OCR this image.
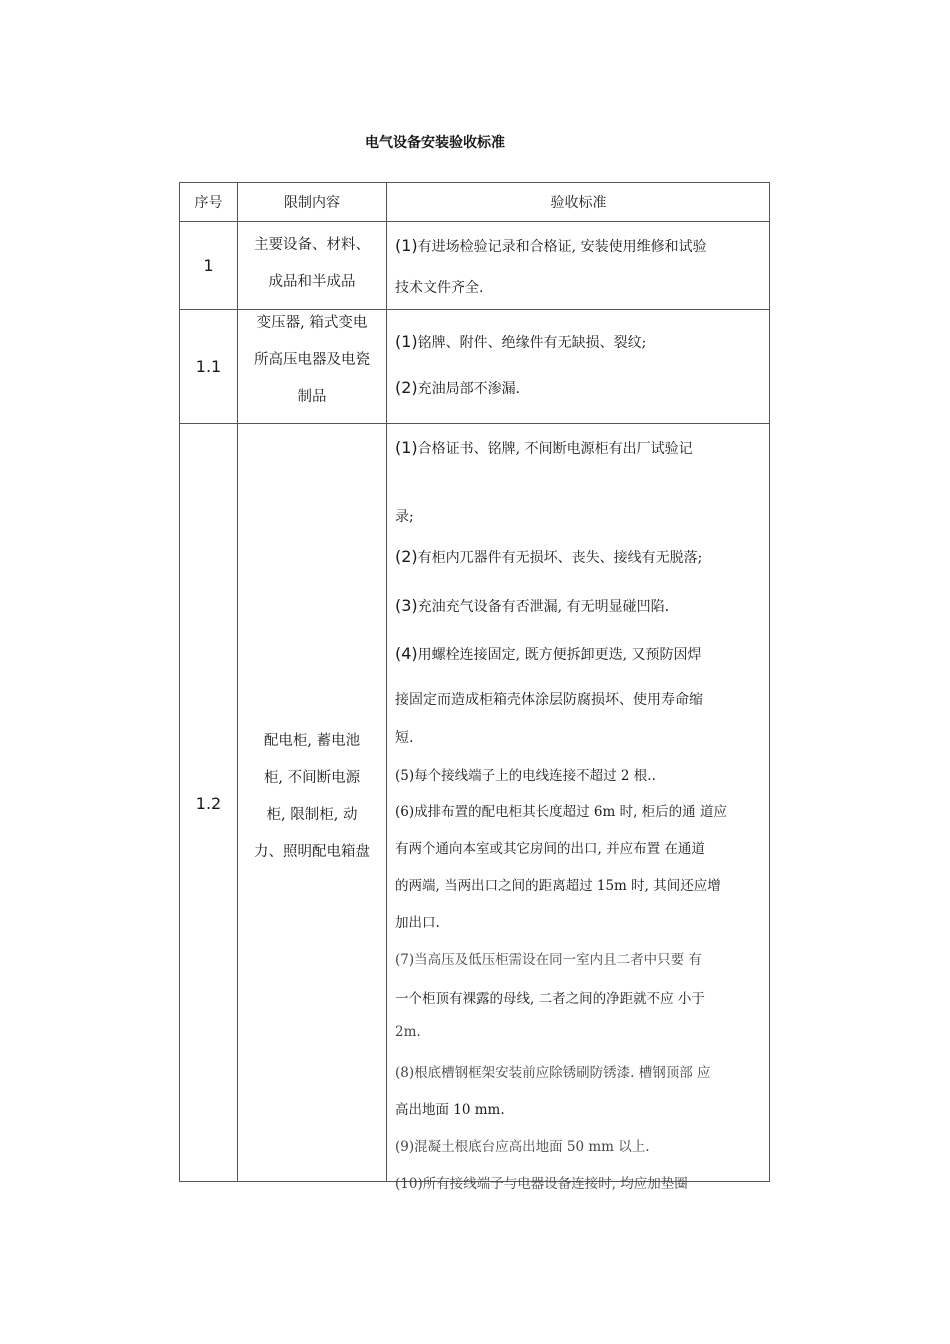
电气设备安装验收标准
序号	限制内容	验收标准
1
主要设备、材料、
成品和半成品
(1)有进场检验记录和合格证, 安装使用维修和试验
技术文件齐全.
1.1
变压器, 箱式变电
所高压电器及电瓷
制品
(1)铭牌、附件、绝缘件有无缺损、裂纹;
(2)充油局部不渗漏.
1.2
配电柜, 蓄电池
柜, 不间断电源
柜, 限制柜, 动
力、照明配电箱盘
(1)合格证书、铭牌, 不间断电源柜有出厂试验记
录;
(2)有柜内兀器件有无损坏、丧失、接线有无脱落;
(3)充油充气设备有否泄漏, 有无明显碰凹陷.
(4)用螺栓连接固定, 既方便拆卸更迭, 又预防因焊
接固定而造成柜箱壳体涂层防腐损坏、使用寿命缩
短.
(5)每个接线端子上的电线连接不超过 2 根..
(6)成排布置的配电柜其长度超过 6m 时, 柜后的通 道应
有两个通向本室或其它房间的出口, 并应布置 在通道
的两端, 当两出口之间的距离超过 15m 时, 其间还应增
加出口.
(7)当高压及低压柜需设在同一室内且二者中只要 有
一个柜顶有裸露的母线, 二者之间的净距就不应 小于
2m.
(8)根底槽钢框架安装前应除锈刷防锈漆. 槽钢顶部 应
高出地面 10 mm.
(9)混凝土根底台应高出地面 50 mm 以上.
(10)所有接线端子与电器设备连接时, 均应加垫圈
